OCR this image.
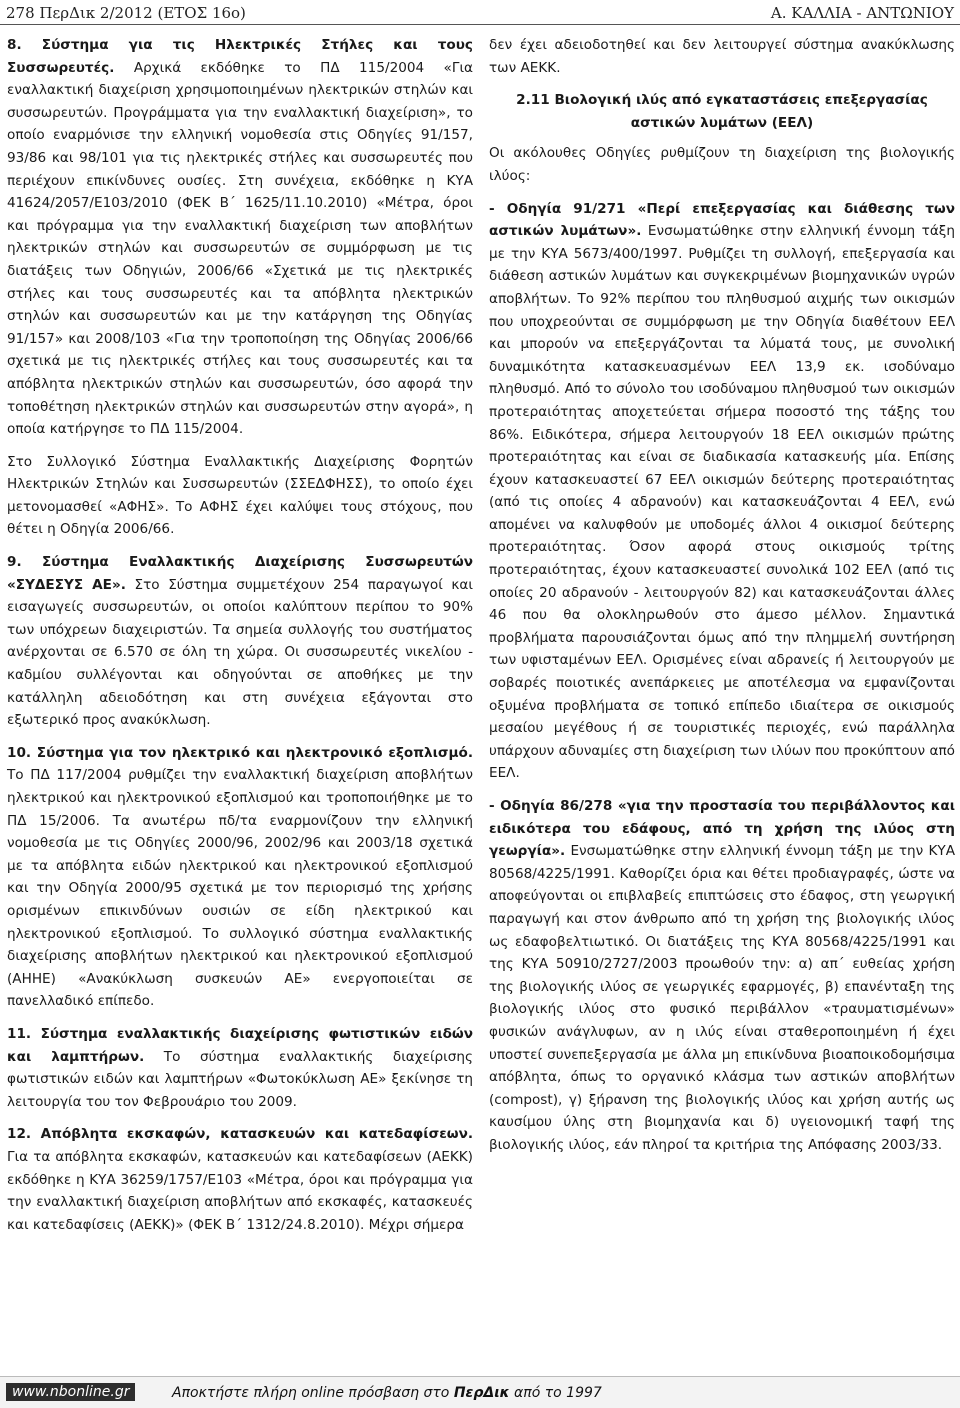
278 ΠερΔικ 2/2012 (ΕΤΟΣ 16ο)	Α. ΚΑΛΛΙΑ - ΑΝΤΩΝΙΟΥ

8. Σύστημα για τις Ηλεκτρικές Στήλες και τους Συσσωρευτές. Αρχικά εκδόθηκε το ΠΔ 115/2004 «Για εναλλακτική διαχείριση χρησιμοποιημένων ηλεκτρικών στηλών και συσσωρευτών. Προγράμματα για την εναλλακτική διαχείριση», το οποίο εναρμόνισε την ελληνική νομοθεσία στις Οδηγίες 91/157, 93/86 και 98/101 για τις ηλεκτρικές στήλες και συσσωρευτές που περιέχουν επικίνδυνες ουσίες. Στη συνέχεια, εκδόθηκε η ΚΥΑ 41624/2057/Ε103/2010 (ΦΕΚ Β΄ 1625/11.10.2010) «Μέτρα, όροι και πρόγραμμα για την εναλλακτική διαχείριση των αποβλήτων ηλεκτρικών στηλών και συσσωρευτών σε συμμόρφωση με τις διατάξεις των Οδηγιών, 2006/66 «Σχετικά με τις ηλεκτρικές στήλες και τους συσσωρευτές και τα απόβλητα ηλεκτρικών στηλών και συσσωρευτών και με την κατάργηση της Οδηγίας 91/157» και 2008/103 «Για την τροποποίηση της Οδηγίας 2006/66 σχετικά με τις ηλεκτρικές στήλες και τους συσσωρευτές και τα απόβλητα ηλεκτρικών στηλών και συσσωρευτών, όσο αφορά την τοποθέτηση ηλεκτρικών στηλών και συσσωρευτών στην αγορά», η οποία κατήργησε το ΠΔ 115/2004.

Στο Συλλογικό Σύστημα Εναλλακτικής Διαχείρισης Φορητών Ηλεκτρικών Στηλών και Συσσωρευτών (ΣΣΕΔΦΗΣΣ), το οποίο έχει μετονομασθεί «ΑΦΗΣ». Το ΑΦΗΣ έχει καλύψει τους στόχους, που θέτει η Οδηγία 2006/66.

9. Σύστημα Εναλλακτικής Διαχείρισης Συσσωρευτών «ΣΥΔΕΣΥΣ ΑΕ». Στο Σύστημα συμμετέχουν 254 παραγωγοί και εισαγωγείς συσσωρευτών, οι οποίοι καλύπτουν περίπου το 90% των υπόχρεων διαχειριστών. Τα σημεία συλλογής του συστήματος ανέρχονται σε 6.570 σε όλη τη χώρα. Οι συσσωρευτές νικελίου - καδμίου συλλέγονται και οδηγούνται σε αποθήκες με την κατάλληλη αδειοδότηση και στη συνέχεια εξάγονται στο εξωτερικό προς ανακύκλωση.

10. Σύστημα για τον ηλεκτρικό και ηλεκτρονικό εξοπλισμό. Το ΠΔ 117/2004 ρυθμίζει την εναλλακτική διαχείριση αποβλήτων ηλεκτρικού και ηλεκτρονικού εξοπλισμού και τροποποιήθηκε με το ΠΔ 15/2006. Τα ανωτέρω πδ/τα εναρμονίζουν την ελληνική νομοθεσία με τις Οδηγίες 2000/96, 2002/96 και 2003/18 σχετικά με τα απόβλητα ειδών ηλεκτρικού και ηλεκτρονικού εξοπλισμού και την Οδηγία 2000/95 σχετικά με τον περιορισμό της χρήσης ορισμένων επικινδύνων ουσιών σε είδη ηλεκτρικού και ηλεκτρονικού εξοπλισμού. Το συλλογικό σύστημα εναλλακτικής διαχείρισης αποβλήτων ηλεκτρικού και ηλεκτρονικού εξοπλισμού (ΑΗΗΕ) «Ανακύκλωση συσκευών ΑΕ» ενεργοποιείται σε πανελλαδικό επίπεδο.

11. Σύστημα εναλλακτικής διαχείρισης φωτιστικών ειδών και λαμπτήρων. Το σύστημα εναλλακτικής διαχείρισης φωτιστικών ειδών και λαμπτήρων «Φωτοκύκλωση ΑΕ» ξεκίνησε τη λειτουργία του τον Φεβρουάριο του 2009.

12. Απόβλητα εκσκαφών, κατασκευών και κατεδαφίσεων. Για τα απόβλητα εκσκαφών, κατασκευών και κατεδαφίσεων (ΑΕΚΚ) εκδόθηκε η ΚΥΑ 36259/1757/Ε103 «Μέτρα, όροι και πρόγραμμα για την εναλλακτική διαχείριση αποβλήτων από εκσκαφές, κατασκευές και κατεδαφίσεις (ΑΕΚΚ)» (ΦΕΚ Β΄ 1312/24.8.2010). Μέχρι σήμερα

δεν έχει αδειοδοτηθεί και δεν λειτουργεί σύστημα ανακύκλωσης των ΑΕΚΚ.

2.11 Βιολογική ιλύς από εγκαταστάσεις επεξεργασίας αστικών λυμάτων (ΕΕΛ)

Οι ακόλουθες Οδηγίες ρυθμίζουν τη διαχείριση της βιολογικής ιλύος:

- Οδηγία 91/271 «Περί επεξεργασίας και διάθεσης των αστικών λυμάτων». Ενσωματώθηκε στην ελληνική έννομη τάξη με την ΚΥΑ 5673/400/1997. Ρυθμίζει τη συλλογή, επεξεργασία και διάθεση αστικών λυμάτων και συγκεκριμένων βιομηχανικών υγρών αποβλήτων. Το 92% περίπου του πληθυσμού αιχμής των οικισμών που υποχρεούνται σε συμμόρφωση με την Οδηγία διαθέτουν ΕΕΛ και μπορούν να επεξεργάζονται τα λύματά τους, με συνολική δυναμικότητα κατασκευασμένων ΕΕΛ 13,9 εκ. ισοδύναμο πληθυσμό. Από το σύνολο του ισοδύναμου πληθυσμού των οικισμών προτεραιότητας αποχετεύεται σήμερα ποσοστό της τάξης του 86%. Ειδικότερα, σήμερα λειτουργούν 18 ΕΕΛ οικισμών πρώτης προτεραιότητας και είναι σε διαδικασία κατασκευής μία. Επίσης έχουν κατασκευαστεί 67 ΕΕΛ οικισμών δεύτερης προτεραιότητας (από τις οποίες 4 αδρανούν) και κατασκευάζονται 4 ΕΕΛ, ενώ απομένει να καλυφθούν με υποδομές άλλοι 4 οικισμοί δεύτερης προτεραιότητας. Όσον αφορά στους οικισμούς τρίτης προτεραιότητας, έχουν κατασκευαστεί συνολικά 102 ΕΕΛ (από τις οποίες 20 αδρανούν - λειτουργούν 82) και κατασκευάζονται άλλες 46 που θα ολοκληρωθούν στο άμεσο μέλλον. Σημαντικά προβλήματα παρουσιάζονται όμως από την πλημμελή συντήρηση των υφισταμένων ΕΕΛ. Ορισμένες είναι αδρανείς ή λειτουργούν με σοβαρές ποιοτικές ανεπάρκειες με αποτέλεσμα να εμφανίζονται οξυμένα προβλήματα σε τοπικό επίπεδο ιδιαίτερα σε οικισμούς μεσαίου μεγέθους ή σε τουριστικές περιοχές, ενώ παράλληλα υπάρχουν αδυναμίες στη διαχείριση των ιλύων που προκύπτουν από ΕΕΛ.

- Οδηγία 86/278 «για την προστασία του περιβάλλοντος και ειδικότερα του εδάφους, από τη χρήση της ιλύος στη γεωργία». Ενσωματώθηκε στην ελληνική έννομη τάξη με την ΚΥΑ 80568/4225/1991. Καθορίζει όρια και θέτει προδιαγραφές, ώστε να αποφεύγονται οι επιβλαβείς επιπτώσεις στο έδαφος, στη γεωργική παραγωγή και στον άνθρωπο από τη χρήση της βιολογικής ιλύος ως εδαφοβελτιωτικό. Οι διατάξεις της ΚΥΑ 80568/4225/1991 και της ΚΥΑ 50910/2727/2003 προωθούν την: α) απ΄ ευθείας χρήση της βιολογικής ιλύος σε γεωργικές εφαρμογές, β) επανένταξη της βιολογικής ιλύος στο φυσικό περιβάλλον «τραυματισμένων» φυσικών ανάγλυφων, αν η ιλύς είναι σταθεροποιημένη ή έχει υποστεί συνεπεξεργασία με άλλα μη επικίνδυνα βιοαποικοδομήσιμα απόβλητα, όπως το οργανικό κλάσμα των αστικών αποβλήτων (compost), γ) ξήρανση της βιολογικής ιλύος και χρήση αυτής ως καυσίμου ύλης στη βιομηχανία και δ) υγειονομική ταφή της βιολογικής ιλύος, εάν πληροί τα κριτήρια της Απόφασης 2003/33.

www.nbonline.gr	Αποκτήστε πλήρη online πρόσβαση στο ΠερΔικ από το 1997
